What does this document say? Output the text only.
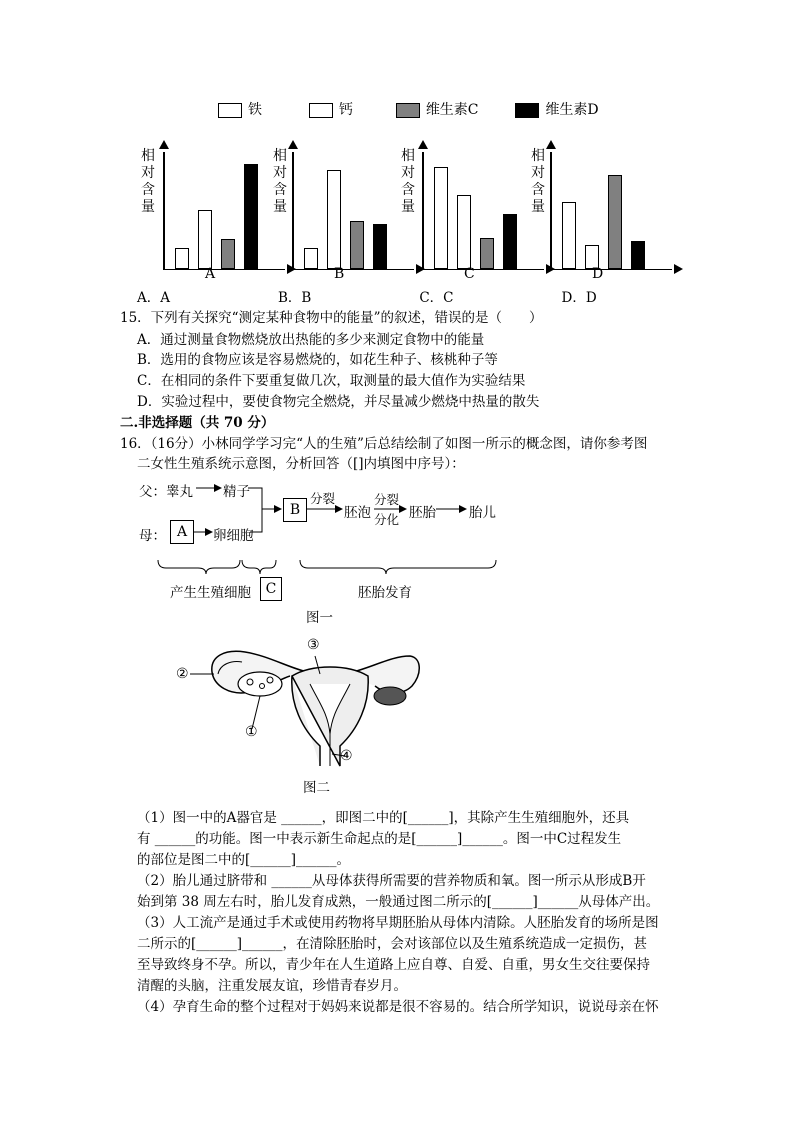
铁	钙	维生素C	维生素D
相
对
含
量
A
相
对
含
量
B
相
对
含
量
C
相
对
含
量
D
A．A　　　　　　　　B．B　　　　　　　　C．C　　　　　　　　D．D
15．下列有关探究“测定某种食物中的能量”的叙述，错误的是（　　）
A．通过测量食物燃烧放出热能的多少来测定食物中的能量
B．选用的食物应该是容易燃烧的，如花生种子、核桃种子等
C．在相同的条件下要重复做几次，取测量的最大值作为实验结果
D．实验过程中，要使食物完全燃烧，并尽量减少燃烧中热量的散失
二.非选择题（共 70 分）
16．（16分）小林同学学习完“人的生殖”后总结绘制了如图一所示的概念图，请你参考图
二女性生殖系统示意图，分析回答（[]内填图中序号）：
父：睾丸 精子
母： A	卵细胞
B
分裂
胚泡
分裂
分化 胚胎 胎儿
产生生殖细胞	C	胚胎发育
图一
②
①
③
④
图二
（1）图一中的A器官是 ______，即图二中的[______]，其除产生生殖细胞外，还具
有 ______的功能。图一中表示新生命起点的是[______]______。图一中C过程发生
的部位是图二中的[______]______。
（2）胎儿通过脐带和 ______从母体获得所需要的营养物质和氧。图一所示从形成B开
始到第 38 周左右时，胎儿发育成熟，一般通过图二所示的[______]______从母体产出。
（3）人工流产是通过手术或使用药物将早期胚胎从母体内清除。人胚胎发育的场所是图
二所示的[______]______，在清除胚胎时，会对该部位以及生殖系统造成一定损伤，甚
至导致终身不孕。所以，青少年在人生道路上应自尊、自爱、自重，男女生交往要保持
清醒的头脑，注重发展友谊，珍惜青春岁月。
（4）孕育生命的整个过程对于妈妈来说都是很不容易的。结合所学知识，说说母亲在怀
